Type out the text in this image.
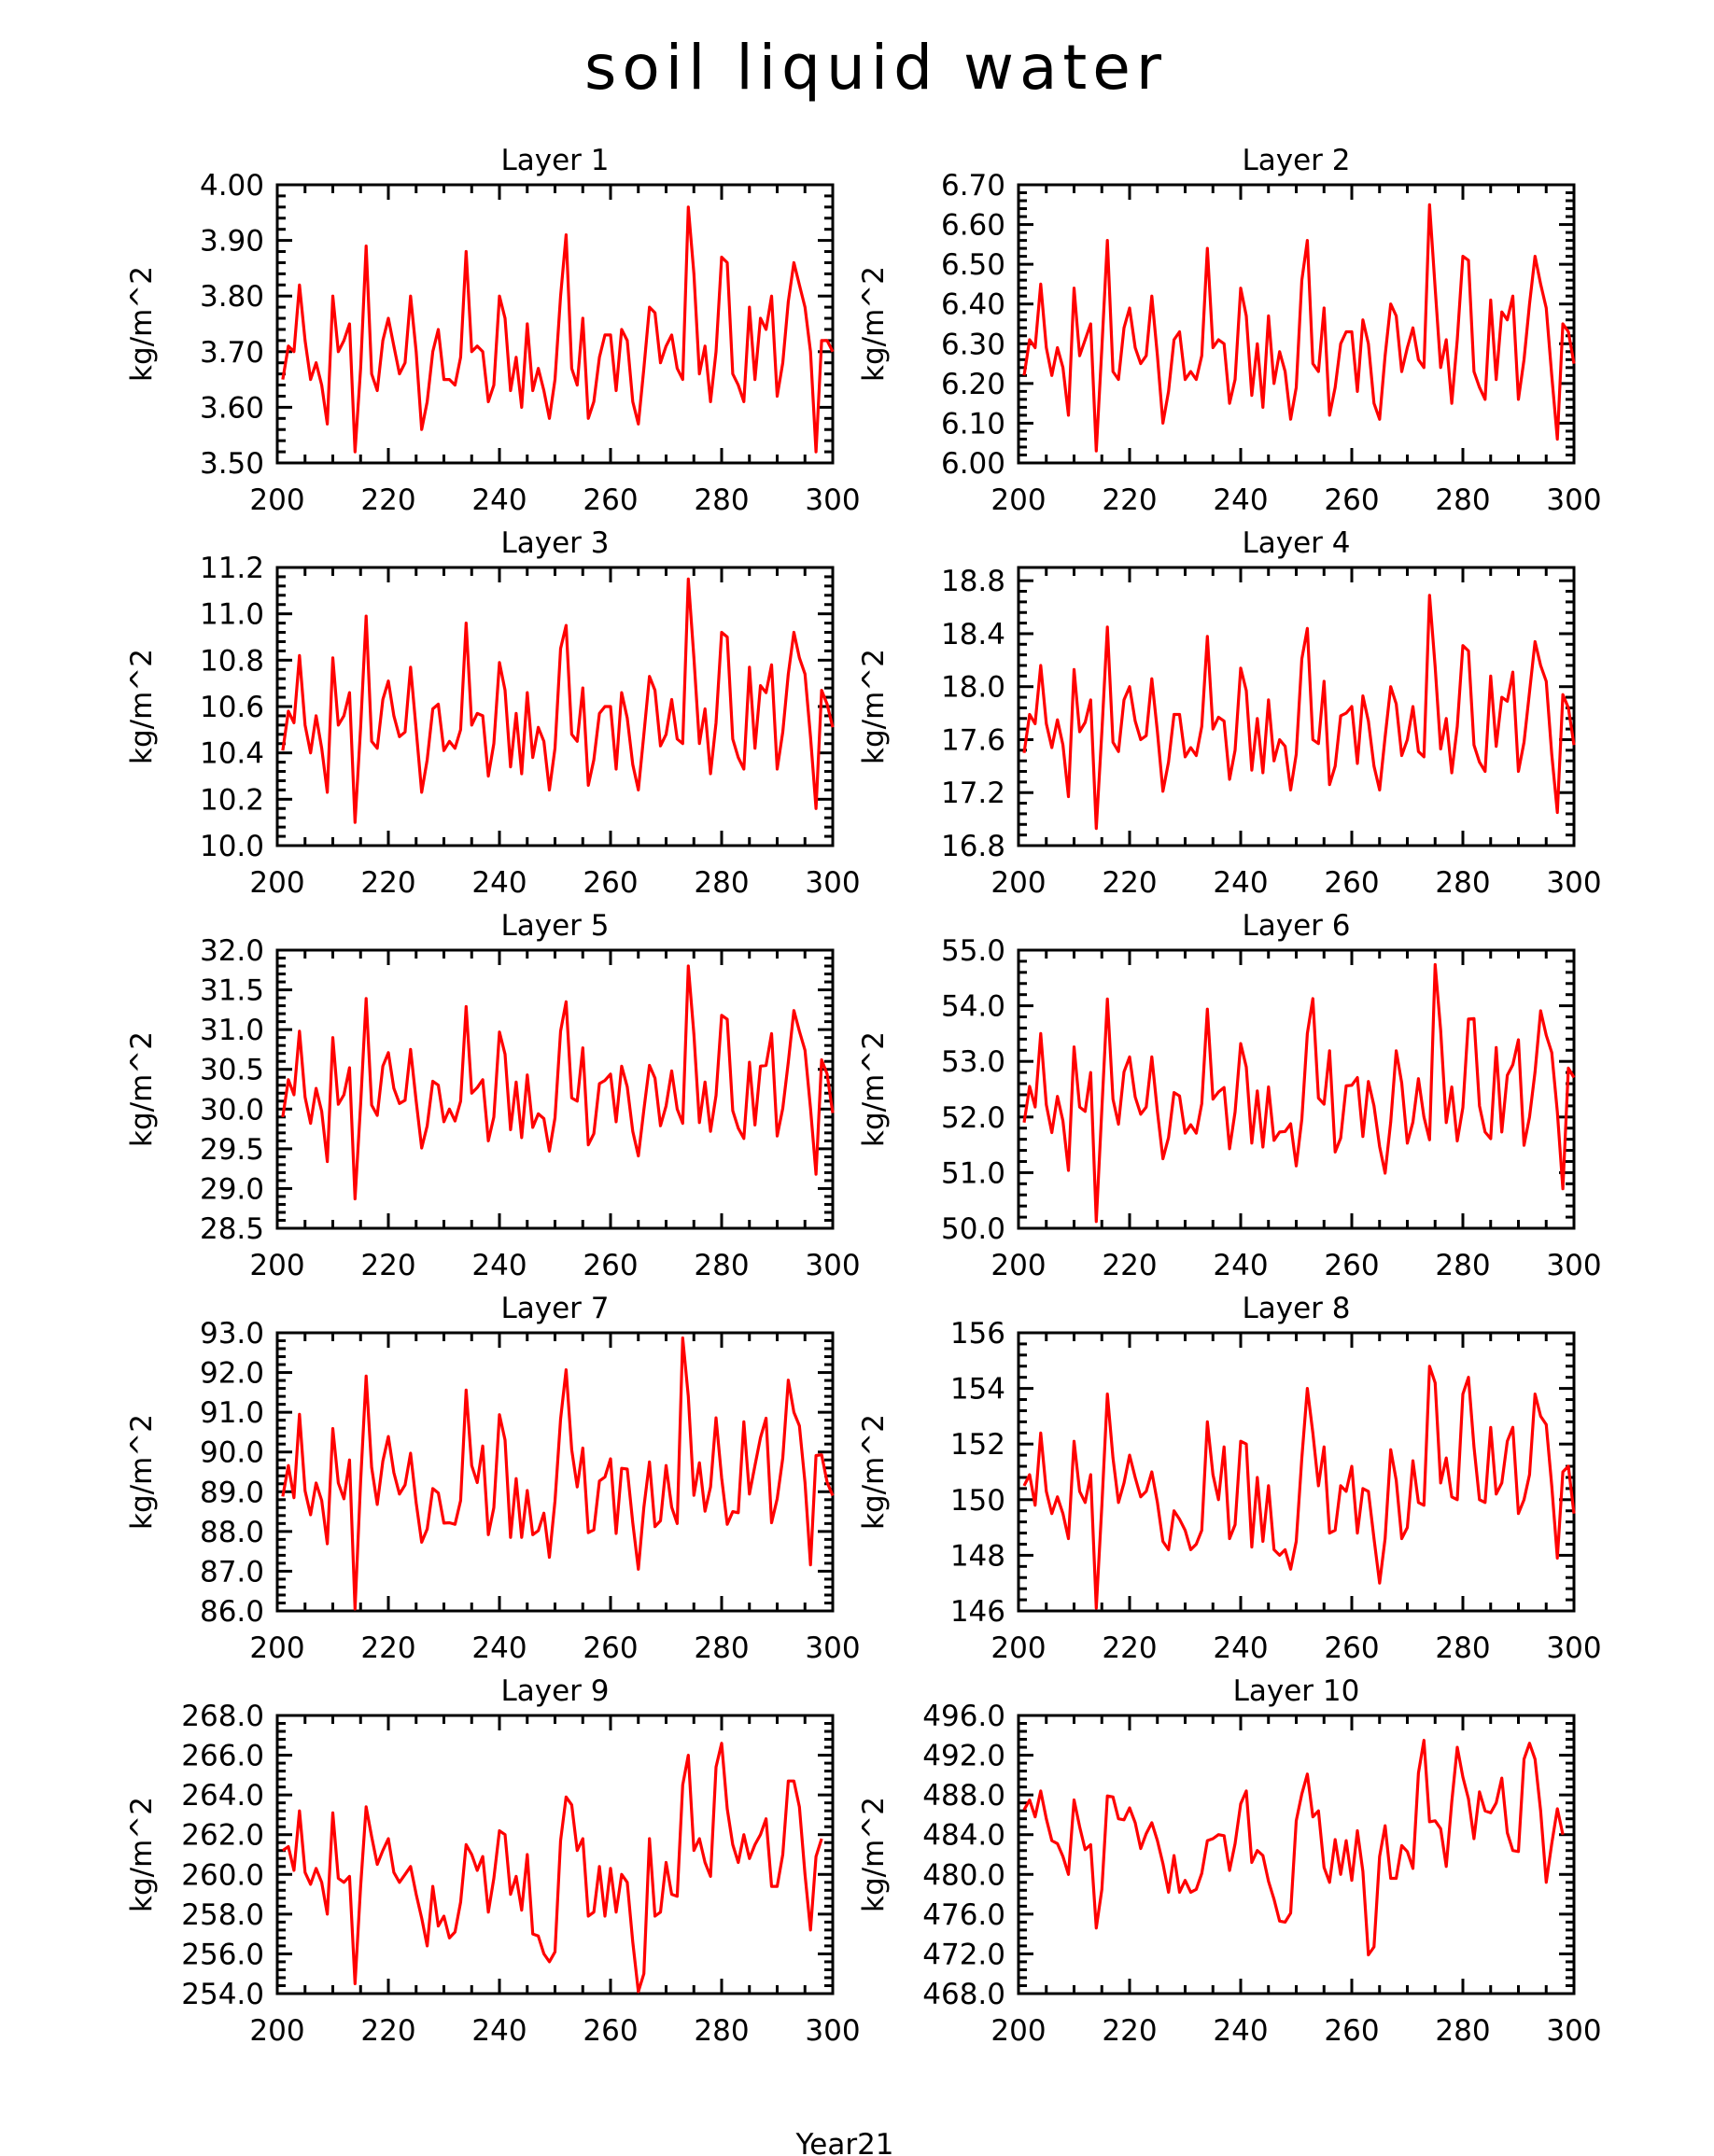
soil liquid water
Layer 1
200 220 240 260 280 300
3.50
3.60
3.70
3.80
3.90
4.00
kg/m^2
Layer 2
200 220 240 260 280 300
6.00
6.10
6.20
6.30
6.40
6.50
6.60
6.70
kg/m^2
Layer 3
200 220 240 260 280 300
10.0
10.2
10.4
10.6
10.8
11.0
11.2
kg/m^2
Layer 4
200 220 240 260 280 300
16.8
17.2
17.6
18.0
18.4
18.8
kg/m^2
Layer 5
200 220 240 260 280 300
28.5
29.0
29.5
30.0
30.5
31.0
31.5
32.0
kg/m^2
Layer 6
200 220 240 260 280 300
50.0
51.0
52.0
53.0
54.0
55.0
kg/m^2
Layer 7
200 220 240 260 280 300
86.0
87.0
88.0
89.0
90.0
91.0
92.0
93.0
kg/m^2
Layer 8
200 220 240 260 280 300
146
148
150
152
154
156
kg/m^2
Layer 9
200 220 240 260 280 300
254.0
256.0
258.0
260.0
262.0
264.0
266.0
268.0
kg/m^2
Layer 10
200 220 240 260 280 300
468.0
472.0
476.0
480.0
484.0
488.0
492.0
496.0
kg/m^2
Year21
